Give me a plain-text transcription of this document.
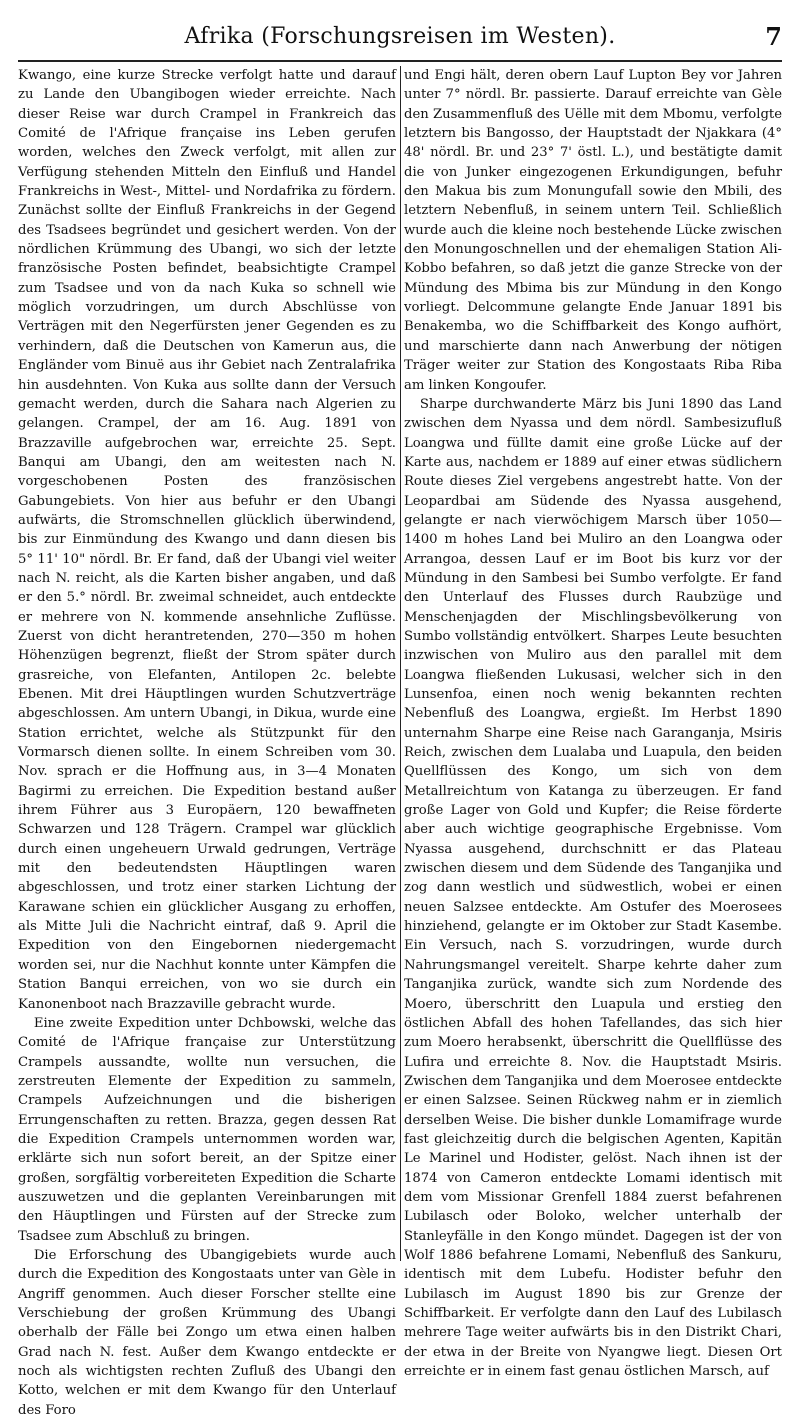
Afrika (Forschungsreisen im Westen).	7

Kwango, eine kurze Strecke verfolgt hatte und darauf zu Lande den Ubangibogen wieder erreichte. Nach dieser Reise war durch Crampel in Frankreich das Comité de l'Afrique française ins Leben gerufen worden, welches den Zweck verfolgt, mit allen zur Verfügung stehenden Mitteln den Einfluß und Handel Frankreichs in West-, Mittel- und Nordafrika zu fördern. Zunächst sollte der Einfluß Frankreichs in der Gegend des Tsadsees begründet und gesichert werden. Von der nördlichen Krümmung des Ubangi, wo sich der letzte französische Posten befindet, beabsichtigte Crampel zum Tsadsee und von da nach Kuka so schnell wie möglich vorzudringen, um durch Abschlüsse von Verträgen mit den Negerfürsten jener Gegenden es zu verhindern, daß die Deutschen von Kamerun aus, die Engländer vom Binuë aus ihr Gebiet nach Zentralafrika hin ausdehnten. Von Kuka aus sollte dann der Versuch gemacht werden, durch die Sahara nach Algerien zu gelangen. Crampel, der am 16. Aug. 1891 von Brazzaville aufgebrochen war, erreichte 25. Sept. Banqui am Ubangi, den am weitesten nach N. vorgeschobenen Posten des französischen Gabungebiets. Von hier aus befuhr er den Ubangi aufwärts, die Stromschnellen glücklich überwindend, bis zur Einmündung des Kwango und dann diesen bis 5° 11' 10" nördl. Br. Er fand, daß der Ubangi viel weiter nach N. reicht, als die Karten bisher angaben, und daß er den 5.° nördl. Br. zweimal schneidet, auch entdeckte er mehrere von N. kommende ansehnliche Zuflüsse. Zuerst von dicht herantretenden, 270—350 m hohen Höhenzügen begrenzt, fließt der Strom später durch grasreiche, von Elefanten, Antilopen 2c. belebte Ebenen. Mit drei Häuptlingen wurden Schutzverträge abgeschlossen. Am untern Ubangi, in Dikua, wurde eine Station errichtet, welche als Stützpunkt für den Vormarsch dienen sollte. In einem Schreiben vom 30. Nov. sprach er die Hoffnung aus, in 3—4 Monaten Bagirmi zu erreichen. Die Expedition bestand außer ihrem Führer aus 3 Europäern, 120 bewaffneten Schwarzen und 128 Trägern. Crampel war glücklich durch einen ungeheuern Urwald gedrungen, Verträge mit den bedeutendsten Häuptlingen waren abgeschlossen, und trotz einer starken Lichtung der Karawane schien ein glücklicher Ausgang zu erhoffen, als Mitte Juli die Nachricht eintraf, daß 9. April die Expedition von den Eingebornen niedergemacht worden sei, nur die Nachhut konnte unter Kämpfen die Station Banqui erreichen, von wo sie durch ein Kanonenboot nach Brazzaville gebracht wurde.

Eine zweite Expedition unter Dchbowski, welche das Comité de l'Afrique française zur Unterstützung Crampels aussandte, wollte nun versuchen, die zerstreuten Elemente der Expedition zu sammeln, Crampels Aufzeichnungen und die bisherigen Errungenschaften zu retten. Brazza, gegen dessen Rat die Expedition Crampels unternommen worden war, erklärte sich nun sofort bereit, an der Spitze einer großen, sorgfältig vorbereiteten Expedition die Scharte auszuwetzen und die geplanten Vereinbarungen mit den Häuptlingen und Fürsten auf der Strecke zum Tsadsee zum Abschluß zu bringen.

Die Erforschung des Ubangigebiets wurde auch durch die Expedition des Kongostaats unter van Gèle in Angriff genommen. Auch dieser Forscher stellte eine Verschiebung der großen Krümmung des Ubangi oberhalb der Fälle bei Zongo um etwa einen halben Grad nach N. fest. Außer dem Kwango entdeckte er noch als wichtigsten rechten Zufluß des Ubangi den Kotto, welchen er mit dem Kwango für den Unterlauf des Foro

und Engi hält, deren obern Lauf Lupton Bey vor Jahren unter 7° nördl. Br. passierte. Darauf erreichte van Gèle den Zusammenfluß des Uëlle mit dem Mbomu, verfolgte letztern bis Bangosso, der Hauptstadt der Njakkara (4° 48' nördl. Br. und 23° 7' östl. L.), und bestätigte damit die von Junker eingezogenen Erkundigungen, befuhr den Makua bis zum Monungufall sowie den Mbili, des letztern Nebenfluß, in seinem untern Teil. Schließlich wurde auch die kleine noch bestehende Lücke zwischen den Monungoschnellen und der ehemaligen Station Ali-Kobbo befahren, so daß jetzt die ganze Strecke von der Mündung des Mbima bis zur Mündung in den Kongo vorliegt. Delcommune gelangte Ende Januar 1891 bis Benakemba, wo die Schiffbarkeit des Kongo aufhört, und marschierte dann nach Anwerbung der nötigen Träger weiter zur Station des Kongostaats Riba Riba am linken Kongoufer.

Sharpe durchwanderte März bis Juni 1890 das Land zwischen dem Nyassa und dem nördl. Sambesizufluß Loangwa und füllte damit eine große Lücke auf der Karte aus, nachdem er 1889 auf einer etwas südlichern Route dieses Ziel vergebens angestrebt hatte. Von der Leopardbai am Südende des Nyassa ausgehend, gelangte er nach vierwöchigem Marsch über 1050—1400 m hohes Land bei Muliro an den Loangwa oder Arrangoa, dessen Lauf er im Boot bis kurz vor der Mündung in den Sambesi bei Sumbo verfolgte. Er fand den Unterlauf des Flusses durch Raubzüge und Menschenjagden der Mischlingsbevölkerung von Sumbo vollständig entvölkert. Sharpes Leute besuchten inzwischen von Muliro aus den parallel mit dem Loangwa fließenden Lukusasi, welcher sich in den Lunsenfoa, einen noch wenig bekannten rechten Nebenfluß des Loangwa, ergießt. Im Herbst 1890 unternahm Sharpe eine Reise nach Garanganja, Msiris Reich, zwischen dem Lualaba und Luapula, den beiden Quellflüssen des Kongo, um sich von dem Metallreichtum von Katanga zu überzeugen. Er fand große Lager von Gold und Kupfer; die Reise förderte aber auch wichtige geographische Ergebnisse. Vom Nyassa ausgehend, durchschnitt er das Plateau zwischen diesem und dem Südende des Tanganjika und zog dann westlich und südwestlich, wobei er einen neuen Salzsee entdeckte. Am Ostufer des Moerosees hinziehend, gelangte er im Oktober zur Stadt Kasembe. Ein Versuch, nach S. vorzudringen, wurde durch Nahrungsmangel vereitelt. Sharpe kehrte daher zum Tanganjika zurück, wandte sich zum Nordende des Moero, überschritt den Luapula und erstieg den östlichen Abfall des hohen Tafellandes, das sich hier zum Moero herabsenkt, überschritt die Quellflüsse des Lufira und erreichte 8. Nov. die Hauptstadt Msiris. Zwischen dem Tanganjika und dem Moerosee entdeckte er einen Salzsee. Seinen Rückweg nahm er in ziemlich derselben Weise. Die bisher dunkle Lomamifrage wurde fast gleichzeitig durch die belgischen Agenten, Kapitän Le Marinel und Hodister, gelöst. Nach ihnen ist der 1874 von Cameron entdeckte Lomami identisch mit dem vom Missionar Grenfell 1884 zuerst befahrenen Lubilasch oder Boloko, welcher unterhalb der Stanleyfälle in den Kongo mündet. Dagegen ist der von Wolf 1886 befahrene Lomami, Nebenfluß des Sankuru, identisch mit dem Lubefu. Hodister befuhr den Lubilasch im August 1890 bis zur Grenze der Schiffbarkeit. Er verfolgte dann den Lauf des Lubilasch mehrere Tage weiter aufwärts bis in den Distrikt Chari, der etwa in der Breite von Nyangwe liegt. Diesen Ort erreichte er in einem fast genau östlichen Marsch, auf
